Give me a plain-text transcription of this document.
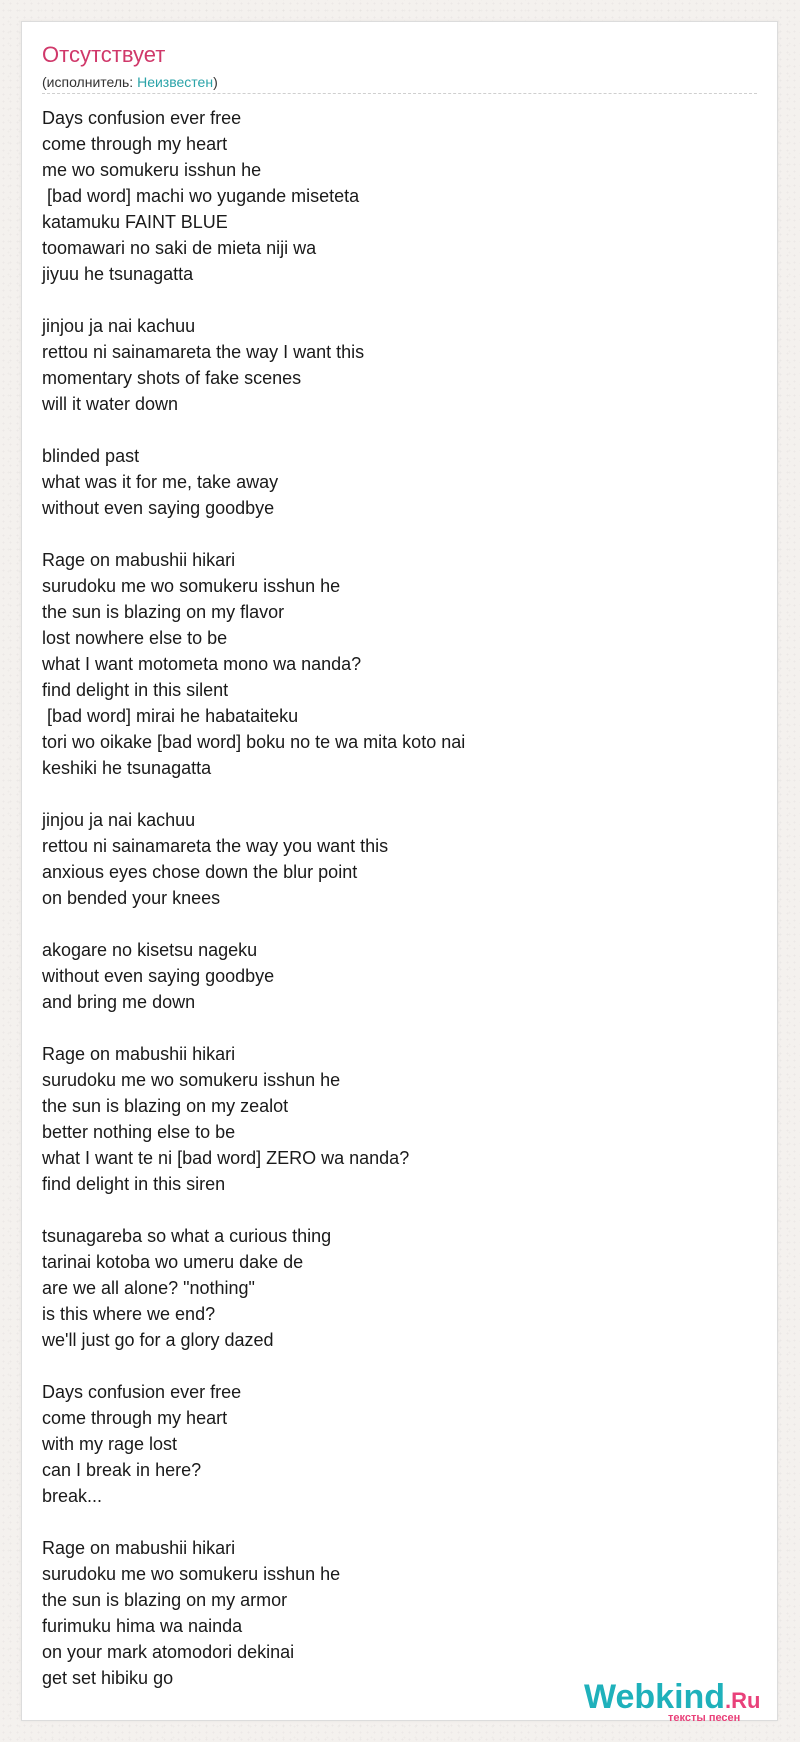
Отсутствует
(исполнитель: Неизвестен)
Days confusion ever free
come through my heart
me wo somukeru isshun he
[bad word] machi wo yugande miseteta
katamuku FAINT BLUE
toomawari no saki de mieta niji wa
jiyuu he tsunagatta
jinjou ja nai kachuu
rettou ni sainamareta the way I want this
momentary shots of fake scenes
will it water down
blinded past
what was it for me, take away
without even saying goodbye
Rage on mabushii hikari
surudoku me wo somukeru isshun he
the sun is blazing on my flavor
lost nowhere else to be
what I want motometa mono wa nanda?
find delight in this silent
[bad word] mirai he habataiteku
tori wo oikake [bad word] boku no te wa mita koto nai
keshiki he tsunagatta
jinjou ja nai kachuu
rettou ni sainamareta the way you want this
anxious eyes chose down the blur point
on bended your knees
akogare no kisetsu nageku
without even saying goodbye
and bring me down
Rage on mabushii hikari
surudoku me wo somukeru isshun he
the sun is blazing on my zealot
better nothing else to be
what I want te ni [bad word] ZERO wa nanda?
find delight in this siren
tsunagareba so what a curious thing
tarinai kotoba wo umeru dake de
are we all alone? "nothing"
is this where we end?
we'll just go for a glory dazed
Days confusion ever free
come through my heart
with my rage lost
can I break in here?
break...
Rage on mabushii hikari
surudoku me wo somukeru isshun he
the sun is blazing on my armor
furimuku hima wa nainda
on your mark atomodori dekinai
get set hibiku go	Webkind.Ru
тексты песен
